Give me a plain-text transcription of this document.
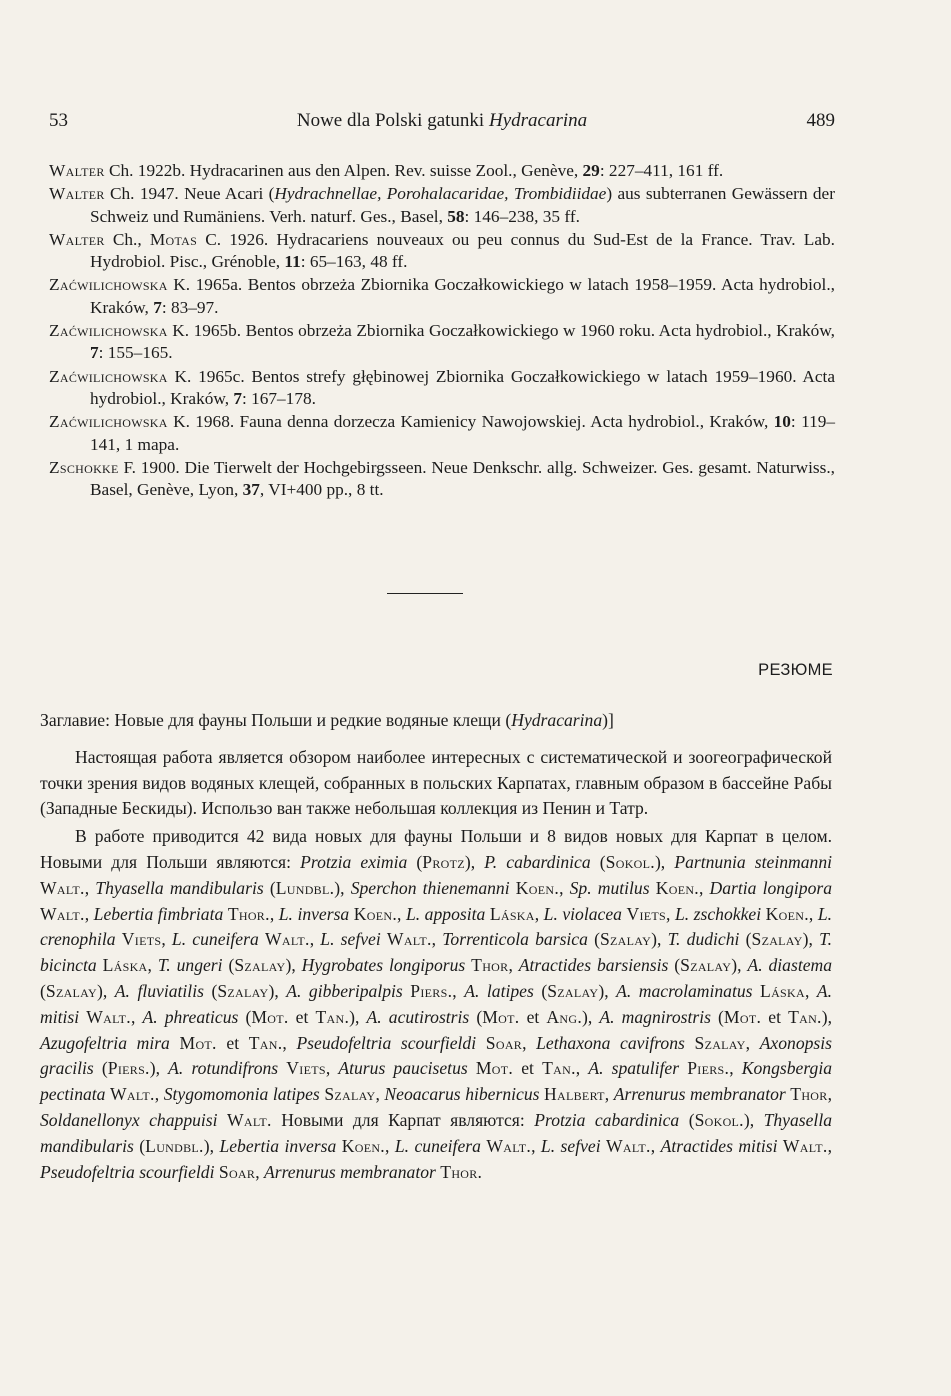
53	Nowe dla Polski gatunki Hydracarina	489

Walter Ch. 1922b. Hydracarinen aus den Alpen. Rev. suisse Zool., Genève, 29: 227–411, 161 ff.

Walter Ch. 1947. Neue Acari (Hydrachnellae, Porohalacaridae, Trombidiidae) aus subterranen Gewässern der Schweiz und Rumäniens. Verh. naturf. Ges., Basel, 58: 146–238, 35 ff.

Walter Ch., Motas C. 1926. Hydracariens nouveaux ou peu connus du Sud-Est de la France. Trav. Lab. Hydrobiol. Pisc., Grénoble, 11: 65–163, 48 ff.

Zaćwilichowska K. 1965a. Bentos obrzeża Zbiornika Goczałkowickiego w latach 1958–1959. Acta hydrobiol., Kraków, 7: 83–97.

Zaćwilichowska K. 1965b. Bentos obrzeża Zbiornika Goczałkowickiego w 1960 roku. Acta hydrobiol., Kraków, 7: 155–165.

Zaćwilichowska K. 1965c. Bentos strefy głębinowej Zbiornika Goczałkowickiego w latach 1959–1960. Acta hydrobiol., Kraków, 7: 167–178.

Zaćwilichowska K. 1968. Fauna denna dorzecza Kamienicy Nawojowskiej. Acta hydrobiol., Kraków, 10: 119–141, 1 mapa.

Zschokke F. 1900. Die Tierwelt der Hochgebirgsseen. Neue Denkschr. allg. Schweizer. Ges. gesamt. Naturwiss., Basel, Genève, Lyon, 37, VI+400 pp., 8 tt.

РЕЗЮМЕ

Заглавие: Новые для фауны Польши и редкие водяные клещи (Hydracarina)]

Настоящая работа является обзором наиболее интересных с систематической и зоогеографической точки зрения видов водяных клещей, собранных в польских Карпатах, главным образом в бассейне Рабы (Западные Бескиды). Использо ван также небольшая коллекция из Пенин и Татр.

В работе приводится 42 вида новых для фауны Польши и 8 видов новых для Карпат в целом. Новыми для Польши являются: Protzia eximia (Protz), P. cabardinica (Sokol.), Partnunia steinmanni Walt., Thyasella mandibularis (Lundbl.), Sperchon thienemanni Koen., Sp. mutilus Koen., Dartia longipora Walt., Lebertia fimbriata Thor., L. inversa Koen., L. apposita Láska, L. violacea Viets, L. zschokkei Koen., L. crenophila Viets, L. cuneifera Walt., L. sefvei Walt., Torrenticola barsica (Szalay), T. dudichi (Szalay), T. bicincta Láska, T. ungeri (Szalay), Hygrobates longiporus Thor, Atractides barsiensis (Szalay), A. diastema (Szalay), A. fluviatilis (Szalay), A. gibberipalpis Piers., A. latipes (Szalay), A. macrolaminatus Láska, A. mitisi Walt., A. phreaticus (Mot. et Tan.), A. acutirostris (Mot. et Ang.), A. magnirostris (Mot. et Tan.), Azugofeltria mira Mot. et Tan., Pseudofeltria scourfieldi Soar, Lethaxona cavifrons Szalay, Axonopsis gracilis (Piers.), A. rotundifrons Viets, Aturus paucisetus Mot. et Tan., A. spatulifer Piers., Kongsbergia pectinata Walt., Stygomomonia latipes Szalay, Neoacarus hibernicus Halbert, Arrenurus membranator Thor, Soldanellonyx chappuisi Walt. Новыми для Карпат являются: Protzia cabardinica (Sokol.), Thyasella mandibularis (Lundbl.), Lebertia inversa Koen., L. cuneifera Walt., L. sefvei Walt., Atractides mitisi Walt., Pseudofeltria scourfieldi Soar, Arrenurus membranator Thor.
